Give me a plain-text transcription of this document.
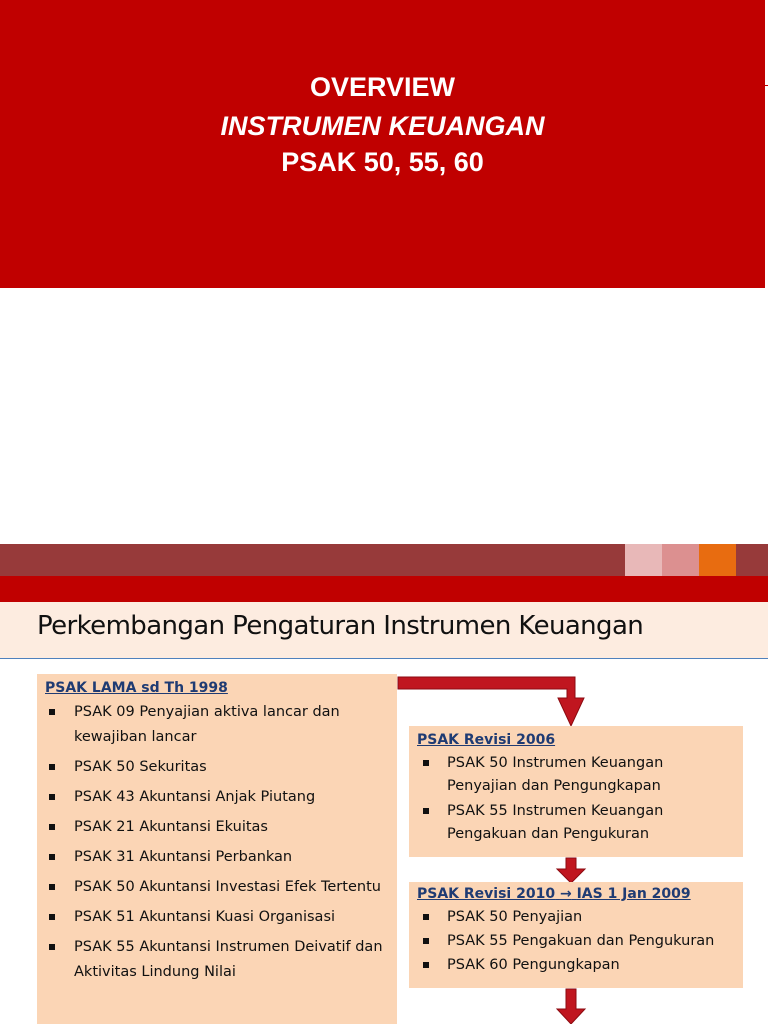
OVERVIEW
INSTRUMEN KEUANGAN
PSAK 50, 55, 60
Perkembangan Pengaturan Instrumen Keuangan

PSAK LAMA sd Th 1998

PSAK 09 Penyajian aktiva lancar dan kewajiban lancar
PSAK 50 Sekuritas
PSAK 43 Akuntansi Anjak Piutang
PSAK 21 Akuntansi Ekuitas
PSAK 31 Akuntansi Perbankan
PSAK 50 Akuntansi Investasi Efek Tertentu
PSAK 51 Akuntansi Kuasi Organisasi
PSAK 55 Akuntansi Instrumen Deivatif dan Aktivitas Lindung Nilai

PSAK Revisi 2006

PSAK 50 Instrumen Keuangan Penyajian dan Pengungkapan
PSAK 55 Instrumen Keuangan Pengakuan dan Pengukuran

PSAK Revisi 2010 → IAS 1 Jan 2009

PSAK 50 Penyajian
PSAK 55 Pengakuan dan Pengukuran
PSAK 60 Pengungkapan
